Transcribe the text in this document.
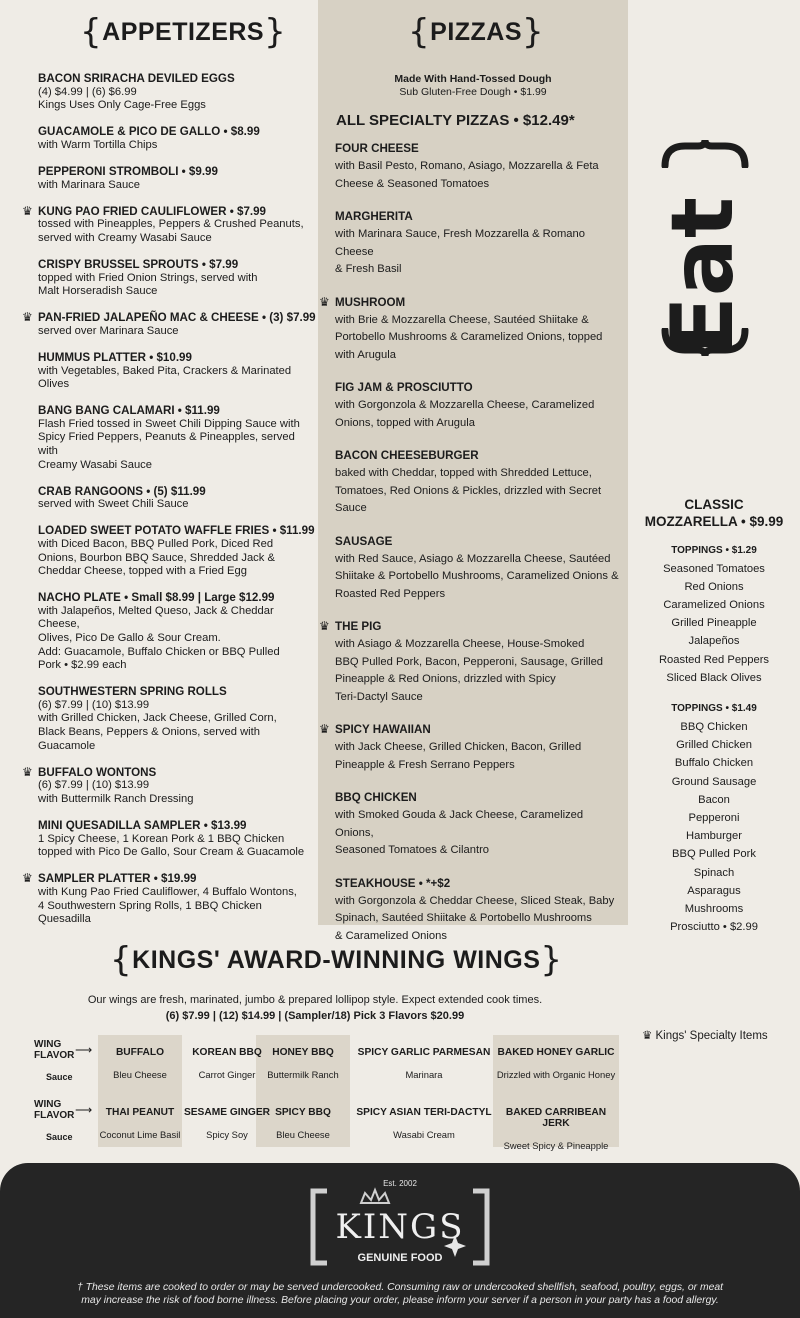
{ APPETIZERS }	{ PIZZAS }
BACON SRIRACHA DEVILED EGGS
(4) $4.99 | (6) $6.99
Kings Uses Only Cage-Free Eggs
GUACAMOLE & PICO DE GALLO • $8.99
with Warm Tortilla Chips
PEPPERONI STROMBOLI • $9.99
with Marinara Sauce
♛ KUNG PAO FRIED CAULIFLOWER • $7.99
tossed with Pineapples, Peppers & Crushed Peanuts,
served with Creamy Wasabi Sauce
CRISPY BRUSSEL SPROUTS • $7.99
topped with Fried Onion Strings, served with
Malt Horseradish Sauce
♛ PAN-FRIED JALAPEÑO MAC & CHEESE • (3) $7.99
served over Marinara Sauce
HUMMUS PLATTER • $10.99
with Vegetables, Baked Pita, Crackers & Marinated
Olives
BANG BANG CALAMARI • $11.99
Flash Fried tossed in Sweet Chili Dipping Sauce with
Spicy Fried Peppers, Peanuts & Pineapples, served with
Creamy Wasabi Sauce
CRAB RANGOONS • (5) $11.99
served with Sweet Chili Sauce
LOADED SWEET POTATO WAFFLE FRIES • $11.99
with Diced Bacon, BBQ Pulled Pork, Diced Red
Onions, Bourbon BBQ Sauce, Shredded Jack &
Cheddar Cheese, topped with a Fried Egg
NACHO PLATE • Small $8.99 | Large $12.99
with Jalapeños, Melted Queso, Jack & Cheddar Cheese,
Olives, Pico De Gallo & Sour Cream.
Add: Guacamole, Buffalo Chicken or BBQ Pulled
Pork • $2.99 each
SOUTHWESTERN SPRING ROLLS
(6) $7.99 | (10) $13.99
with Grilled Chicken, Jack Cheese, Grilled Corn,
Black Beans, Peppers & Onions, served with
Guacamole
♛ BUFFALO WONTONS
(6) $7.99 | (10) $13.99
with Buttermilk Ranch Dressing
MINI QUESADILLA SAMPLER • $13.99
1 Spicy Cheese, 1 Korean Pork & 1 BBQ Chicken
topped with Pico De Gallo, Sour Cream & Guacamole
♛ SAMPLER PLATTER • $19.99
with Kung Pao Fried Cauliflower, 4 Buffalo Wontons,
4 Southwestern Spring Rolls, 1 BBQ Chicken Quesadilla
Made With Hand-Tossed Dough
Sub Gluten-Free Dough • $1.99
ALL SPECIALTY PIZZAS • $12.49*
FOUR CHEESE
with Basil Pesto, Romano, Asiago, Mozzarella & Feta
Cheese & Seasoned Tomatoes
MARGHERITA
with Marinara Sauce, Fresh Mozzarella & Romano Cheese
& Fresh Basil
♛ MUSHROOM
with Brie & Mozzarella Cheese, Sautéed Shiitake &
Portobello Mushrooms & Caramelized Onions, topped
with Arugula
FIG JAM & PROSCIUTTO
with Gorgonzola & Mozzarella Cheese, Caramelized
Onions, topped with Arugula
BACON CHEESEBURGER
baked with Cheddar, topped with Shredded Lettuce,
Tomatoes, Red Onions & Pickles, drizzled with Secret Sauce
SAUSAGE
with Red Sauce, Asiago & Mozzarella Cheese, Sautéed
Shiitake & Portobello Mushrooms, Caramelized Onions &
Roasted Red Peppers
♛ THE PIG
with Asiago & Mozzarella Cheese, House-Smoked
BBQ Pulled Pork, Bacon, Pepperoni, Sausage, Grilled
Pineapple & Red Onions, drizzled with Spicy
Teri-Dactyl Sauce
♛ SPICY HAWAIIAN
with Jack Cheese, Grilled Chicken, Bacon, Grilled
Pineapple & Fresh Serrano Peppers
BBQ CHICKEN
with Smoked Gouda & Jack Cheese, Caramelized Onions,
Seasoned Tomatoes & Cilantro
STEAKHOUSE • *+$2
with Gorgonzola & Cheddar Cheese, Sliced Steak, Baby
Spinach, Sautéed Shiitake & Portobello Mushrooms
& Caramelized Onions
Eat
CLASSIC
MOZZARELLA • $9.99
TOPPINGS • $1.29
Seasoned Tomatoes
Red Onions
Caramelized Onions
Grilled Pineapple
Jalapeños
Roasted Red Peppers
Sliced Black Olives
TOPPINGS • $1.49
BBQ Chicken
Grilled Chicken
Buffalo Chicken
Ground Sausage
Bacon
Pepperoni
Hamburger
BBQ Pulled Pork
Spinach
Asparagus
Mushrooms
Prosciutto • $2.99
♛ Kings' Specialty Items
{ KINGS' AWARD-WINNING WINGS }
Our wings are fresh, marinated, jumbo & prepared lollipop style. Expect extended cook times.
(6) $7.99 | (12) $14.99 | (Sampler/18) Pick 3 Flavors $20.99
WING
FLAVOR ⟶
Sauce
WING
FLAVOR ⟶
Sauce
BUFFALO
Bleu Cheese
KOREAN BBQ
Carrot Ginger
HONEY BBQ
Buttermilk Ranch
SPICY GARLIC PARMESAN
Marinara
BAKED HONEY GARLIC
Drizzled with Organic Honey
THAI PEANUT
Coconut Lime Basil
SESAME GINGER
Spicy Soy
SPICY BBQ
Bleu Cheese
SPICY ASIAN TERI-DACTYL
Wasabi Cream
BAKED CARRIBEAN JERK
Sweet Spicy & Pineapple
Est. 2002
KINGS
GENUINE FOOD
† These items are cooked to order or may be served undercooked. Consuming raw or undercooked shellfish, seafood, poultry, eggs, or meat
may increase the risk of food borne illness. Before placing your order, please inform your server if a person in your party has a food allergy.
